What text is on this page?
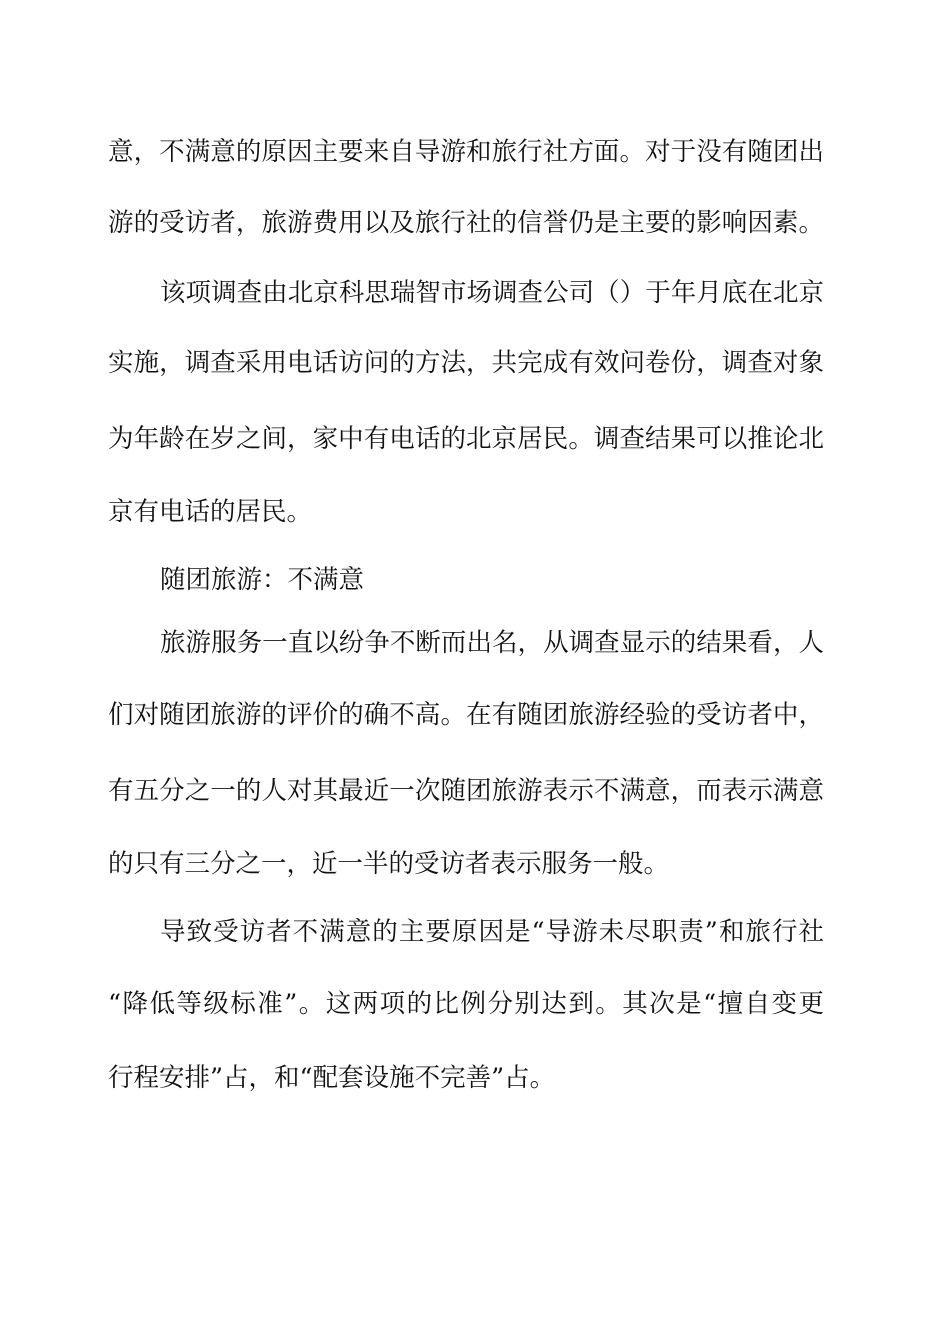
意，不满意的原因主要来自导游和旅行社方面。对于没有随团出
游的受访者，旅游费用以及旅行社的信誉仍是主要的影响因素。
该项调查由北京科思瑞智市场调查公司（）于年月底在北京
实施，调查采用电话访问的方法，共完成有效问卷份，调查对象
为年龄在岁之间，家中有电话的北京居民。调查结果可以推论北
京有电话的居民。
随团旅游：不满意
旅游服务一直以纷争不断而出名，从调查显示的结果看，人
们对随团旅游的评价的确不高。在有随团旅游经验的受访者中，
有五分之一的人对其最近一次随团旅游表示不满意，而表示满意
的只有三分之一，近一半的受访者表示服务一般。
导致受访者不满意的主要原因是“导游未尽职责”和旅行社
“降低等级标准”。这两项的比例分别达到。其次是“擅自变更
行程安排”占，和“配套设施不完善”占。
